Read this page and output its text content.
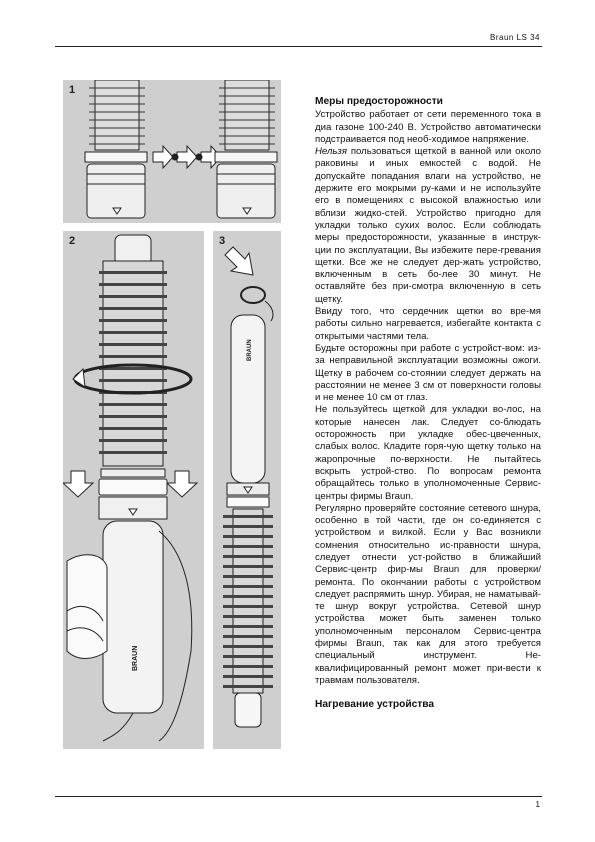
Braun LS 34
1
2
BRAUN
3
BRAUN
Меры предосторожности

Устройство работает от сети переменного тока в диа газоне 100-240 В. Устройство автоматически подстраивается под необ-ходимое напряжение.

Нельзя пользоваться щеткой в ванной или около раковины и иных емкостей с водой. Не допускайте попадания влаги на устройство, не держите его мокрыми ру-ками и не используйте его в помещениях с высокой влажностью или вблизи жидко-стей. Устройство пригодно для укладки только сухих волос. Если соблюдать меры предосторожности, указанные в инструк-ции по эксплуатации, Вы избежите пере-гревания щетки. Все же не следует дер-жать устройство, включенным в сеть бо-лее 30 минут. Не оставляйте без при-смотра включенную в сеть щетку.

Ввиду того, что сердечник щетки во вре-мя работы сильно нагревается, избегайте контакта с открытыми частями тела.

Будьте осторожны при работе с устройст-вом: из-за неправильной эксплуатации возможны ожоги. Щетку в рабочем со-стоянии следует держать на расстоянии не менее 3 см от поверхности головы и не менее 10 см от глаз.

Не пользуйтесь щеткой для укладки во-лос, на которые нанесен лак. Следует со-блюдать осторожность при укладке обес-цвеченных, слабых волос. Кладите горя-чую щетку только на жаропрочные по-верхности. Не пытайтесь вскрыть устрой-ство. По вопросам ремонта обращайтесь только в уполномоченные Сервис-центры фирмы Braun.

Регулярно проверяйте состояние сетевого шнура, особенно в той части, где он со-единяется с устройством и вилкой. Если у Вас возникли сомнения относительно ис-правности шнура, следует отнести уст-ройство в ближайший Сервис-центр фир-мы Braun для проверки/ ремонта. По окончании работы с устройством следует распрямить шнур. Убирая, не наматывай-те шнур вокруг устройства. Сетевой шнур устройства может быть заменен только уполномоченным персоналом Сервис-центра фирмы Braun, так как для этого требуется специальный инструмент. Не-квалифицированный ремонт может при-вести к травмам пользователя.

Нагревание устройства
1
